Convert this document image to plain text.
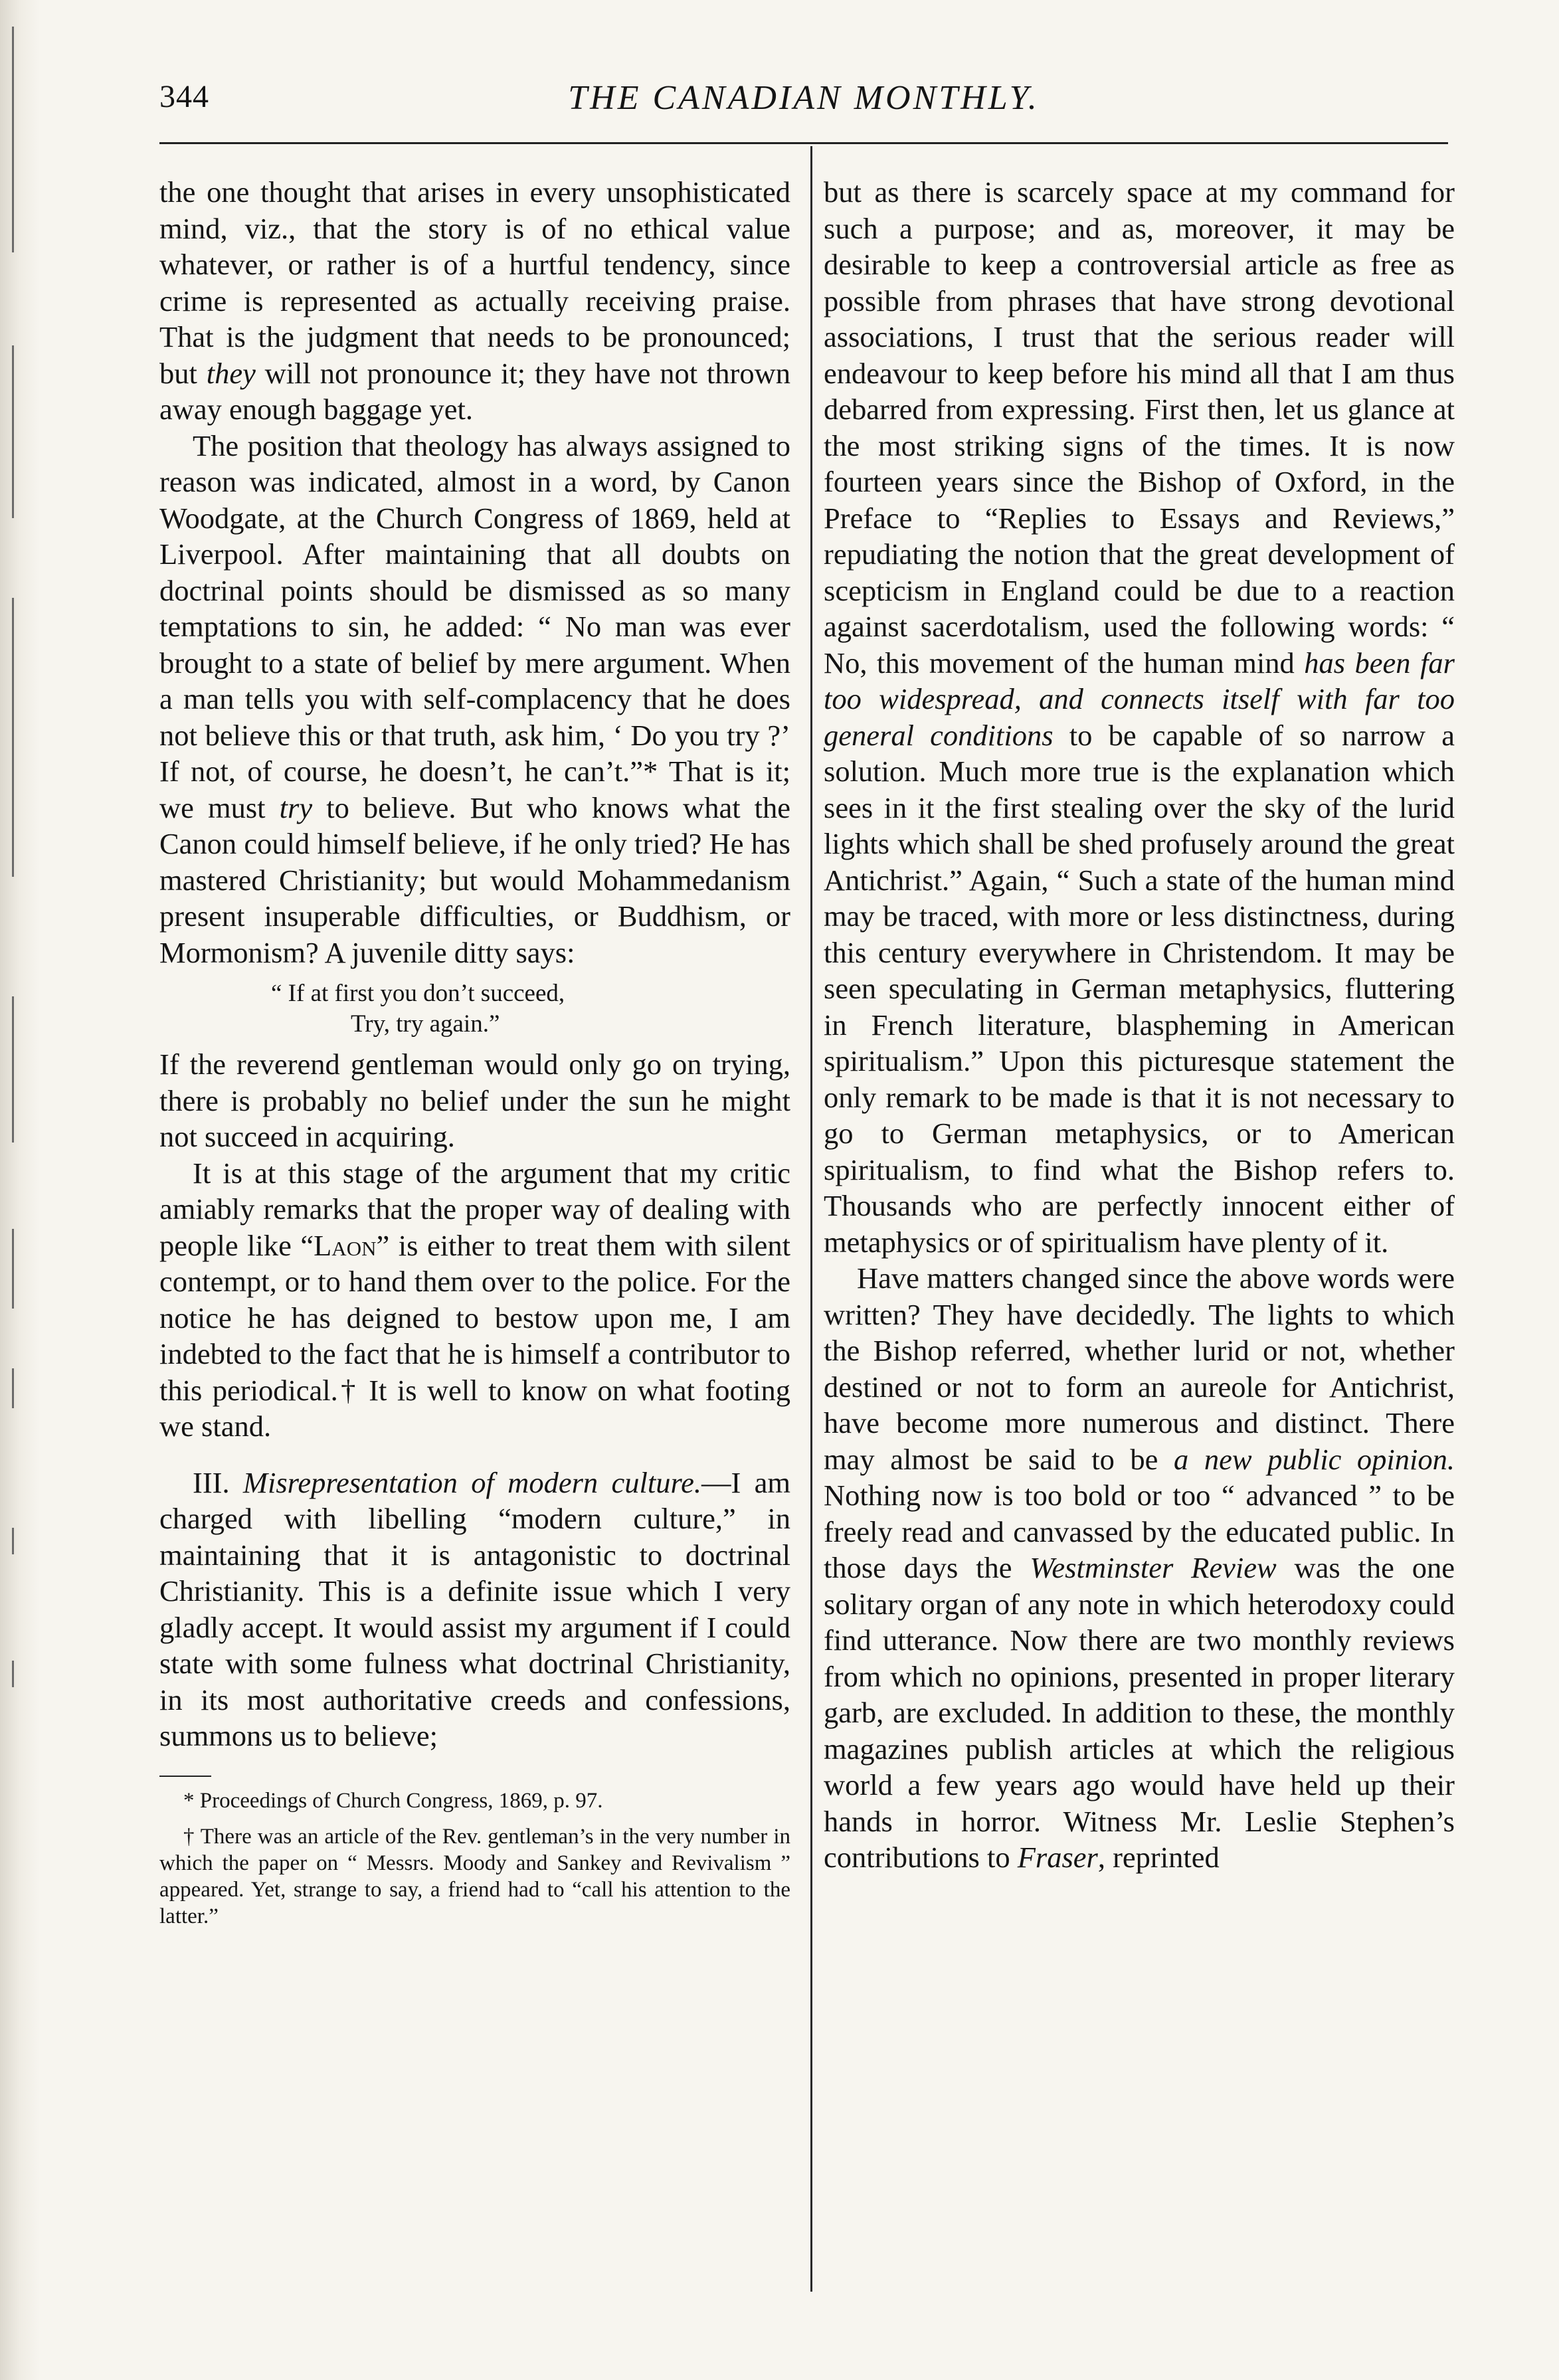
344	THE CANADIAN MONTHLY.

the one thought that arises in every unsophisticated mind, viz., that the story is of no ethical value whatever, or rather is of a hurtful tendency, since crime is represented as actually receiving praise. That is the judgment that needs to be pronounced; but they will not pronounce it; they have not thrown away enough baggage yet.

The position that theology has always assigned to reason was indicated, almost in a word, by Canon Woodgate, at the Church Congress of 1869, held at Liverpool. After maintaining that all doubts on doctrinal points should be dismissed as so many temptations to sin, he added: “ No man was ever brought to a state of belief by mere argument. When a man tells you with self-complacency that he does not believe this or that truth, ask him, ‘ Do you try ?’ If not, of course, he doesn’t, he can’t.”* That is it; we must try to believe. But who knows what the Canon could himself believe, if he only tried? He has mastered Christianity; but would Mohammedanism present insuperable difficulties, or Buddhism, or Mormonism? A juvenile ditty says:

“ If at first you don’t succeed,
Try, try again.”

If the reverend gentleman would only go on trying, there is probably no belief under the sun he might not succeed in acquiring.

It is at this stage of the argument that my critic amiably remarks that the proper way of dealing with people like “Laon” is either to treat them with silent contempt, or to hand them over to the police. For the notice he has deigned to bestow upon me, I am indebted to the fact that he is himself a contributor to this periodical.† It is well to know on what footing we stand.

III. Misrepresentation of modern culture.—I am charged with libelling “modern culture,” in maintaining that it is antagonistic to doctrinal Christianity. This is a definite issue which I very gladly accept. It would assist my argument if I could state with some fulness what doctrinal Christianity, in its most authoritative creeds and confessions, summons us to believe;

* Proceedings of Church Congress, 1869, p. 97.
† There was an article of the Rev. gentleman’s in the very number in which the paper on “ Messrs. Moody and Sankey and Revivalism ” appeared. Yet, strange to say, a friend had to “call his attention to the latter.”

but as there is scarcely space at my command for such a purpose; and as, moreover, it may be desirable to keep a controversial article as free as possible from phrases that have strong devotional associations, I trust that the serious reader will endeavour to keep before his mind all that I am thus debarred from expressing. First then, let us glance at the most striking signs of the times. It is now fourteen years since the Bishop of Oxford, in the Preface to “Replies to Essays and Reviews,” repudiating the notion that the great development of scepticism in England could be due to a reaction against sacerdotalism, used the following words: “ No, this movement of the human mind has been far too widespread, and connects itself with far too general conditions to be capable of so narrow a solution. Much more true is the explanation which sees in it the first stealing over the sky of the lurid lights which shall be shed profusely around the great Antichrist.” Again, “ Such a state of the human mind may be traced, with more or less distinctness, during this century everywhere in Christendom. It may be seen speculating in German metaphysics, fluttering in French literature, blaspheming in American spiritualism.” Upon this picturesque statement the only remark to be made is that it is not necessary to go to German metaphysics, or to American spiritualism, to find what the Bishop refers to. Thousands who are perfectly innocent either of metaphysics or of spiritualism have plenty of it.

Have matters changed since the above words were written? They have decidedly. The lights to which the Bishop referred, whether lurid or not, whether destined or not to form an aureole for Antichrist, have become more numerous and distinct. There may almost be said to be a new public opinion. Nothing now is too bold or too “ advanced ” to be freely read and canvassed by the educated public. In those days the Westminster Review was the one solitary organ of any note in which heterodoxy could find utterance. Now there are two monthly reviews from which no opinions, presented in proper literary garb, are excluded. In addition to these, the monthly magazines publish articles at which the religious world a few years ago would have held up their hands in horror. Witness Mr. Leslie Stephen’s contributions to Fraser, reprinted
